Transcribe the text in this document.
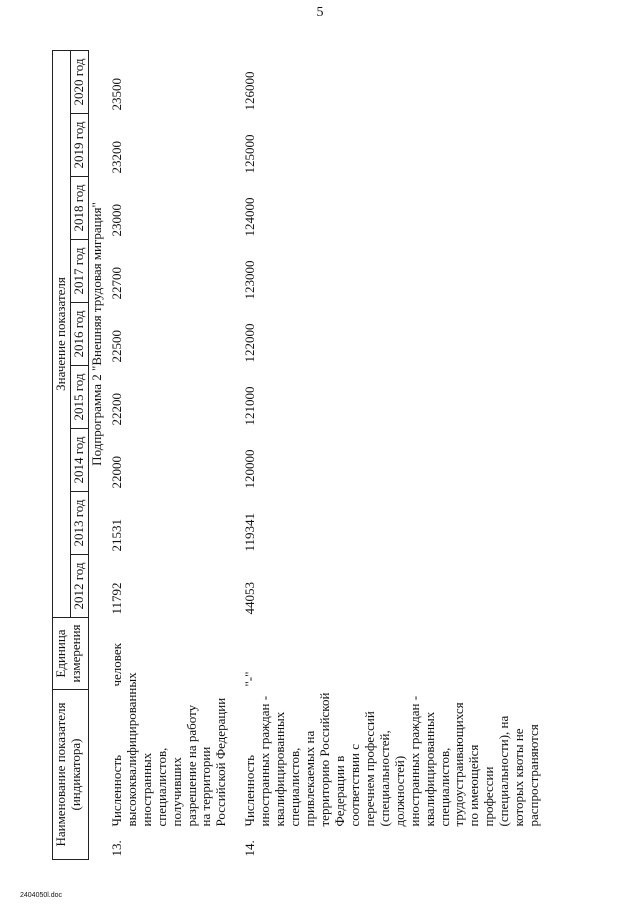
5
Наименование показателя (индикатора)		Единица измерения	Значение показателя								
			2012 год	2013 год	2014 год	2015 год	2016 год	2017 год	2018 год	2019 год	2020 год
			Подпрограмма 2 "Внешняя трудовая миграция"								
13.	Численность высококвалифицированных иностранных специалистов, получивших разрешение на работу на территории Российской Федерации	человек	11792	21531	22000	22200	22500	22700	23000	23200	23500
14.	Численность иностранных граждан - квалифицированных специалистов, привлекаемых на территорию Российской Федерации в соответствии с перечнем профессий (специальностей, должностей) иностранных граждан - квалифицированных специалистов, трудоустраивающихся по имеющейся профессии (специальности), на которых квоты не распространяются	"-"	44053	119341	120000	121000	122000	123000	124000	125000	126000
2404050l.doc
